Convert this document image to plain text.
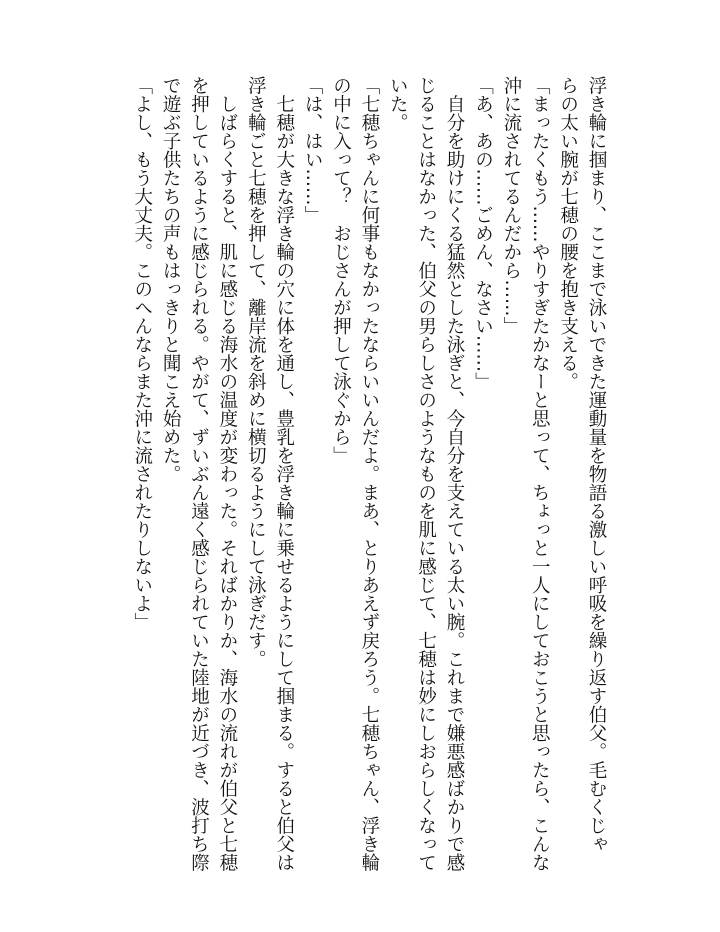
浮き輪に掴まり、ここまで泳いできた運動量を物語る激しい呼吸を繰り返す伯父。毛むくじゃ
らの太い腕が七穂の腰を抱き支える。
「まったくもう……やりすぎたかなーと思って、ちょっと一人にしておこうと思ったら、こんな
沖に流されてるんだから……」
「あ、あの……ごめん、なさい……」
　自分を助けにくる猛然とした泳ぎと、今自分を支えている太い腕。これまで嫌悪感ばかりで感
じることはなかった、伯父の男らしさのようなものを肌に感じて、七穂は妙にしおらしくなって
いた。
「七穂ちゃんに何事もなかったならいいんだよ。まあ、とりあえず戻ろう。七穂ちゃん、浮き輪
の中に入って？　おじさんが押して泳ぐから」
「は、はい……」
　七穂が大きな浮き輪の穴に体を通し、豊乳を浮き輪に乗せるようにして掴まる。すると伯父は
浮き輪ごと七穂を押して、離岸流を斜めに横切るようにして泳ぎだす。
　しばらくすると、肌に感じる海水の温度が変わった。そればかりか、海水の流れが伯父と七穂
を押しているように感じられる。やがて、ずいぶん遠く感じられていた陸地が近づき、波打ち際
で遊ぶ子供たちの声もはっきりと聞こえ始めた。
「よし、もう大丈夫。このへんならまた沖に流されたりしないよ」
